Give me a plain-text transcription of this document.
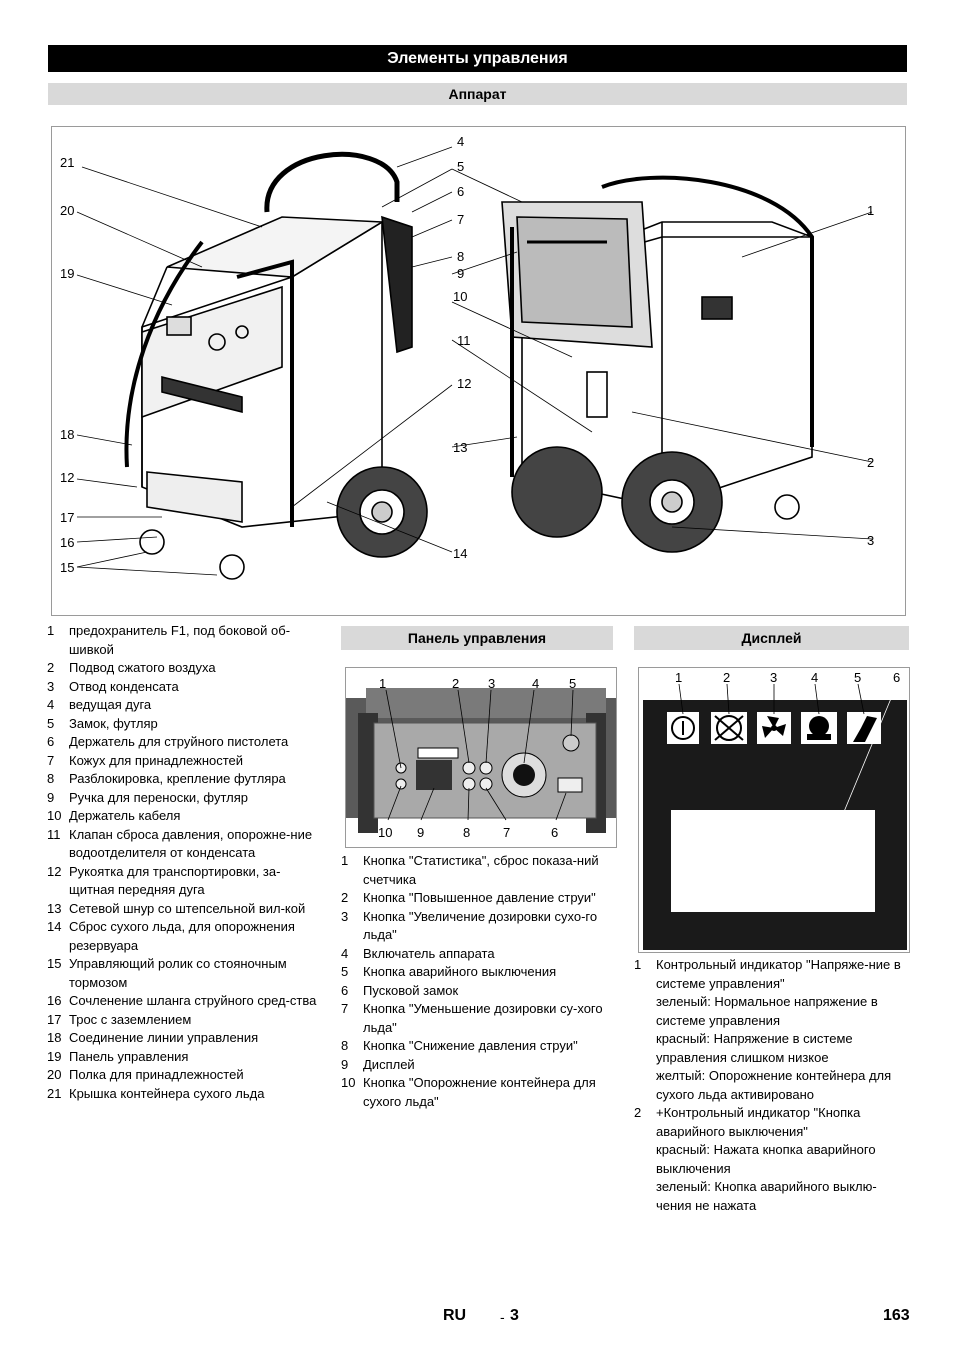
Элементы управления
Аппарат
21
20
19
18
12
17
16
15
4
5
6
7
8
9
10
11
12
13
14
1
2
3
1	предохранитель F1, под боковой об-шивкой
2	Подвод сжатого воздуха
3	Отвод конденсата
4	ведущая дуга
5	Замок, футляр
6	Держатель для струйного пистолета
7	Кожух для принадлежностей
8	Разблокировка, крепление футляра
9	Ручка для переноски, футляр
10 Держатель кабеля
11 Клапан сброса давления, опорожне-ние водоотделителя от конденсата
12 Рукоятка для транспортировки, за-щитная передняя дуга
13 Сетевой шнур со штепсельной вил-кой
14 Сброс сухого льда, для опорожнения резервуара
15 Управляющий ролик со стояночным тормозом
16 Сочленение шланга струйного сред-ства
17 Трос с заземлением
18 Соединение линии управления
19 Панель управления
20 Полка для принадлежностей
21 Крышка контейнера сухого льда
Панель управления
1	2 3	4 5
10 9	8	7	6
1	Кнопка "Статистика", сброс показа-ний счетчика
2	Кнопка "Повышенное давление струи"
3	Кнопка "Увеличение дозировки сухо-го льда"
4	Включатель аппарата
5	Кнопка аварийного выключения
6	Пусковой замок
7	Кнопка "Уменьшение дозировки су-хого льда"
8	Кнопка "Снижение давления струи"
9	Дисплей
10 Кнопка "Опорожнение контейнера для сухого льда"
Дисплей
1	2	3	4	5 6
1	Контрольный индикатор "Напряже-ние в системе управления"
зеленый: Нормальное напряжение в системе управления
красный: Напряжение в системе управления слишком низкое
желтый: Опорожнение контейнера для сухого льда активировано
2	+Контрольный индикатор "Кнопка аварийного выключения"
красный: Нажата кнопка аварийного выключения
зеленый: Кнопка аварийного выклю-чения не нажата
RU - 3	163
